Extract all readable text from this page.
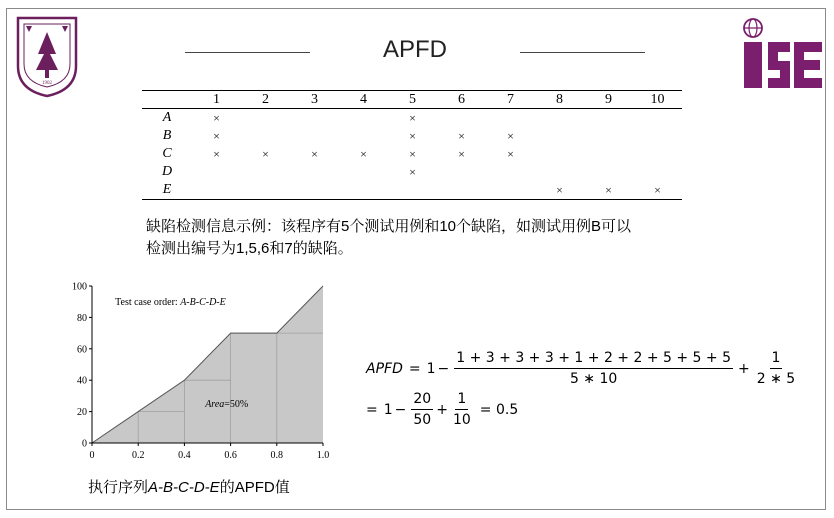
1902
APFD
	1	2	3	4	5	6	7	8	9	10
A	×				×					
B	×				×	×	×			
C	×	×	×	×	×	×	×			
D					×					
E								×	×	×
缺陷检测信息示例：该程序有5个测试用例和10个缺陷，如测试用例B可以
检测出编号为1,5,6和7的缺陷。
0
20
40
60
80
100
0	0.2	0.4	0.6	0.8	1.0
Test case order: A-B-C-D-E
Area=50%
执行序列A-B-C-D-E的APFD值
APFD = $1 - \frac{1 + 3 + 3 + 3 + 1 + 2 + 2 + 5 + 5 + 5}{5 ∗ 10} + \frac{1}{2 ∗ 5}$
= $1 - \frac{20}{50} + \frac{1}{10} = 0.5$
